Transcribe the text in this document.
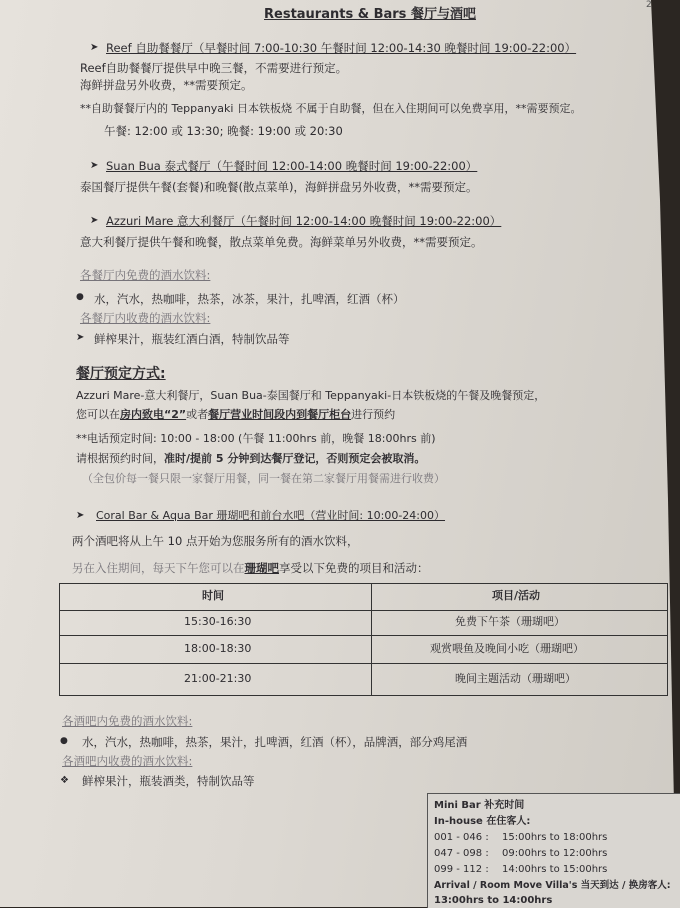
2
Restaurants & Bars 餐厅与酒吧
➤ Reef 自助餐餐厅（早餐时间 7:00-10:30 午餐时间 12:00-14:30 晚餐时间 19:00-22:00）
Reef自助餐餐厅提供早中晚三餐，不需要进行预定。
海鲜拼盘另外收费，**需要预定。
**自助餐餐厅内的 Teppanyaki 日本铁板烧 不属于自助餐，但在入住期间可以免费享用，**需要预定。
午餐: 12:00 或 13:30; 晚餐: 19:00 或 20:30
➤ Suan Bua 泰式餐厅（午餐时间 12:00-14:00 晚餐时间 19:00-22:00）
泰国餐厅提供午餐(套餐)和晚餐(散点菜单)，海鲜拼盘另外收费，**需要预定。
➤ Azzuri Mare 意大利餐厅（午餐时间 12:00-14:00 晚餐时间 19:00-22:00）
意大利餐厅提供午餐和晚餐，散点菜单免费。海鲜菜单另外收费，**需要预定。
各餐厅内免费的酒水饮料:
● 水，汽水，热咖啡，热茶，冰茶，果汁，扎啤酒，红酒（杯）
各餐厅内收费的酒水饮料:
➤ 鲜榨果汁，瓶装红酒白酒，特制饮品等
餐厅预定方式:
Azzuri Mare-意大利餐厅，Suan Bua-泰国餐厅和 Teppanyaki-日本铁板烧的午餐及晚餐预定，
您可以在房内致电“2”或者餐厅营业时间段内到餐厅柜台进行预约
**电话预定时间: 10:00 - 18:00 (午餐 11:00hrs 前，晚餐 18:00hrs 前)
请根据预约时间，准时/提前 5 分钟到达餐厅登记，否则预定会被取消。
（全包价每一餐只限一家餐厅用餐，同一餐在第二家餐厅用餐需进行收费）
➤ Coral Bar & Aqua Bar 珊瑚吧和前台水吧（营业时间: 10:00-24:00）
两个酒吧将从上午 10 点开始为您服务所有的酒水饮料，
另在入住期间，每天下午您可以在珊瑚吧享受以下免费的项目和活动：
时间	项目/活动
15:30-16:30	免费下午茶（珊瑚吧）
18:00-18:30	观赏喂鱼及晚间小吃（珊瑚吧）
21:00-21:30	晚间主题活动（珊瑚吧）
各酒吧内免费的酒水饮料:
● 水，汽水，热咖啡，热茶，果汁，扎啤酒，红酒（杯），品牌酒，部分鸡尾酒
各酒吧内收费的酒水饮料:
❖ 鲜榨果汁，瓶装酒类，特制饮品等
Mini Bar 补充时间
In-house 在住客人:
001 - 046 : 15:00hrs to 18:00hrs
047 - 098 : 09:00hrs to 12:00hrs
099 - 112 : 14:00hrs to 15:00hrs
Arrival / Room Move Villa's 当天到达 / 换房客人:
13:00hrs to 14:00hrs
